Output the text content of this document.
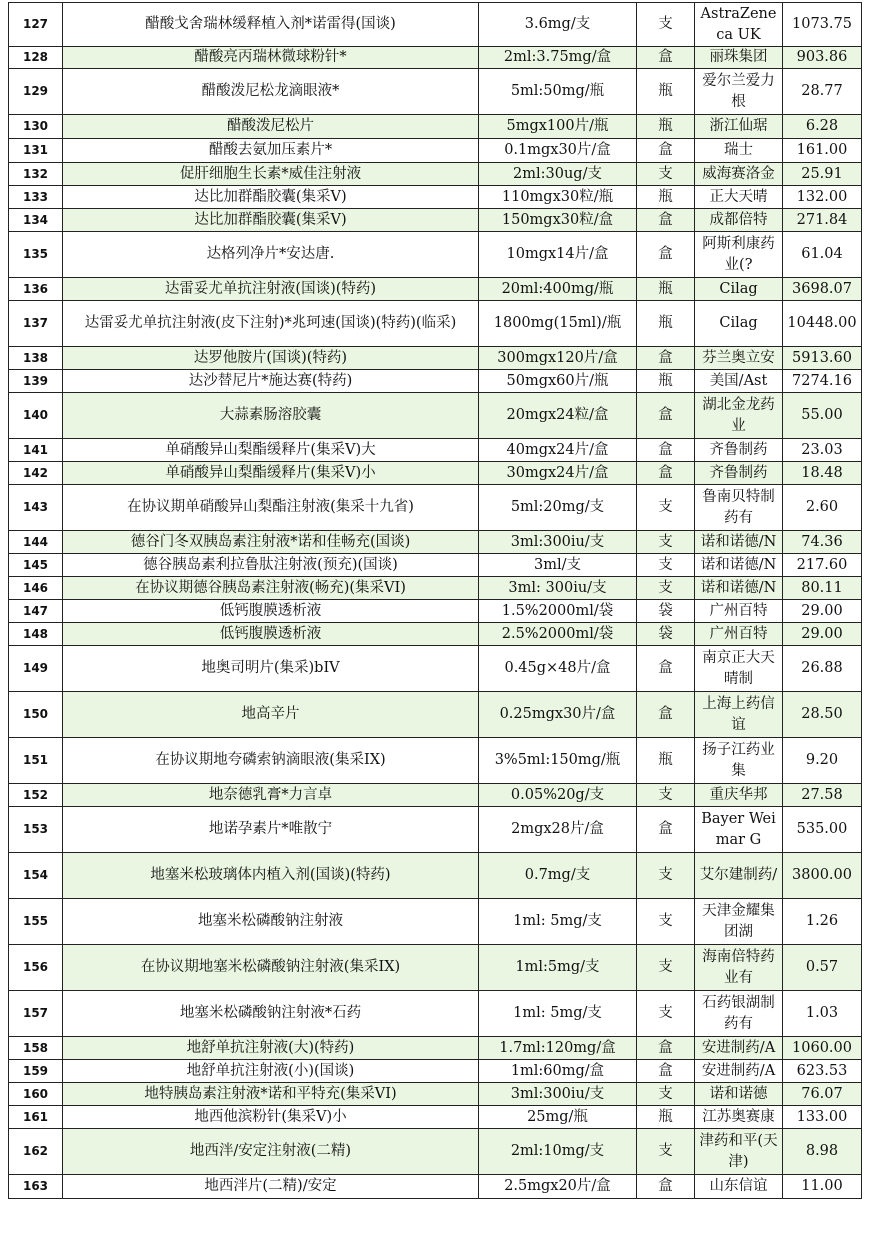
127	醋酸戈舍瑞林缓释植入剂*诺雷得(国谈)	3.6mg/支	支	AstraZeneca UK	1073.75
128	醋酸亮丙瑞林微球粉针*	2ml:3.75mg/盒	盒	丽珠集团	903.86
129	醋酸泼尼松龙滴眼液*	5ml:50mg/瓶	瓶	爱尔兰爱力根	28.77
130	醋酸泼尼松片	5mgx100片/瓶	瓶	浙江仙琚	6.28
131	醋酸去氨加压素片*	0.1mgx30片/盒	盒	瑞士	161.00
132	促肝细胞生长素*威佳注射液	2ml:30ug/支	支	威海赛洛金	25.91
133	达比加群酯胶囊(集采V)	110mgx30粒/瓶	瓶	正大天晴	132.00
134	达比加群酯胶囊(集采V)	150mgx30粒/盒	盒	成都倍特	271.84
135	达格列净片*安达唐.	10mgx14片/盒	盒	阿斯利康药业(?	61.04
136	达雷妥尤单抗注射液(国谈)(特药)	20ml:400mg/瓶	瓶	Cilag	3698.07
137	达雷妥尤单抗注射液(皮下注射)*兆珂速(国谈)(特药)(临采)	1800mg(15ml)/瓶	瓶	Cilag	10448.00
138	达罗他胺片(国谈)(特药)	300mgx120片/盒	盒	芬兰奥立安	5913.60
139	达沙替尼片*施达赛(特药)	50mgx60片/瓶	瓶	美国/Ast	7274.16
140	大蒜素肠溶胶囊	20mgx24粒/盒	盒	湖北金龙药业	55.00
141	单硝酸异山梨酯缓释片(集采V)大	40mgx24片/盒	盒	齐鲁制药	23.03
142	单硝酸异山梨酯缓释片(集采V)小	30mgx24片/盒	盒	齐鲁制药	18.48
143	在协议期单硝酸异山梨酯注射液(集采十九省)	5ml:20mg/支	支	鲁南贝特制药有	2.60
144	德谷门冬双胰岛素注射液*诺和佳畅充(国谈)	3ml:300iu/支	支	诺和诺德/N	74.36
145	德谷胰岛素利拉鲁肽注射液(预充)(国谈)	3ml/支	支	诺和诺德/N	217.60
146	在协议期德谷胰岛素注射液(畅充)(集采VI)	3ml: 300iu/支	支	诺和诺德/N	80.11
147	低钙腹膜透析液	1.5%2000ml/袋	袋	广州百特	29.00
148	低钙腹膜透析液	2.5%2000ml/袋	袋	广州百特	29.00
149	地奥司明片(集采)bIV	0.45g×48片/盒	盒	南京正大天晴制	26.88
150	地高辛片	0.25mgx30片/盒	盒	上海上药信谊	28.50
151	在协议期地夸磷索钠滴眼液(集采IX)	3%5ml:150mg/瓶	瓶	扬子江药业集	9.20
152	地奈德乳膏*力言卓	0.05%20g/支	支	重庆华邦	27.58
153	地诺孕素片*唯散宁	2mgx28片/盒	盒	Bayer Weimar G	535.00
154	地塞米松玻璃体内植入剂(国谈)(特药)	0.7mg/支	支	艾尔建制药/	3800.00
155	地塞米松磷酸钠注射液	1ml: 5mg/支	支	天津金耀集团湖	1.26
156	在协议期地塞米松磷酸钠注射液(集采IX)	1ml:5mg/支	支	海南倍特药业有	0.57
157	地塞米松磷酸钠注射液*石药	1ml: 5mg/支	支	石药银湖制药有	1.03
158	地舒单抗注射液(大)(特药)	1.7ml:120mg/盒	盒	安进制药/A	1060.00
159	地舒单抗注射液(小)(国谈)	1ml:60mg/盒	盒	安进制药/A	623.53
160	地特胰岛素注射液*诺和平特充(集采VI)	3ml:300iu/支	支	诺和诺德	76.07
161	地西他滨粉针(集采V)小	25mg/瓶	瓶	江苏奥赛康	133.00
162	地西泮/安定注射液(二精)	2ml:10mg/支	支	津药和平(天津)	8.98
163	地西泮片(二精)/安定	2.5mgx20片/盒	盒	山东信谊	11.00
